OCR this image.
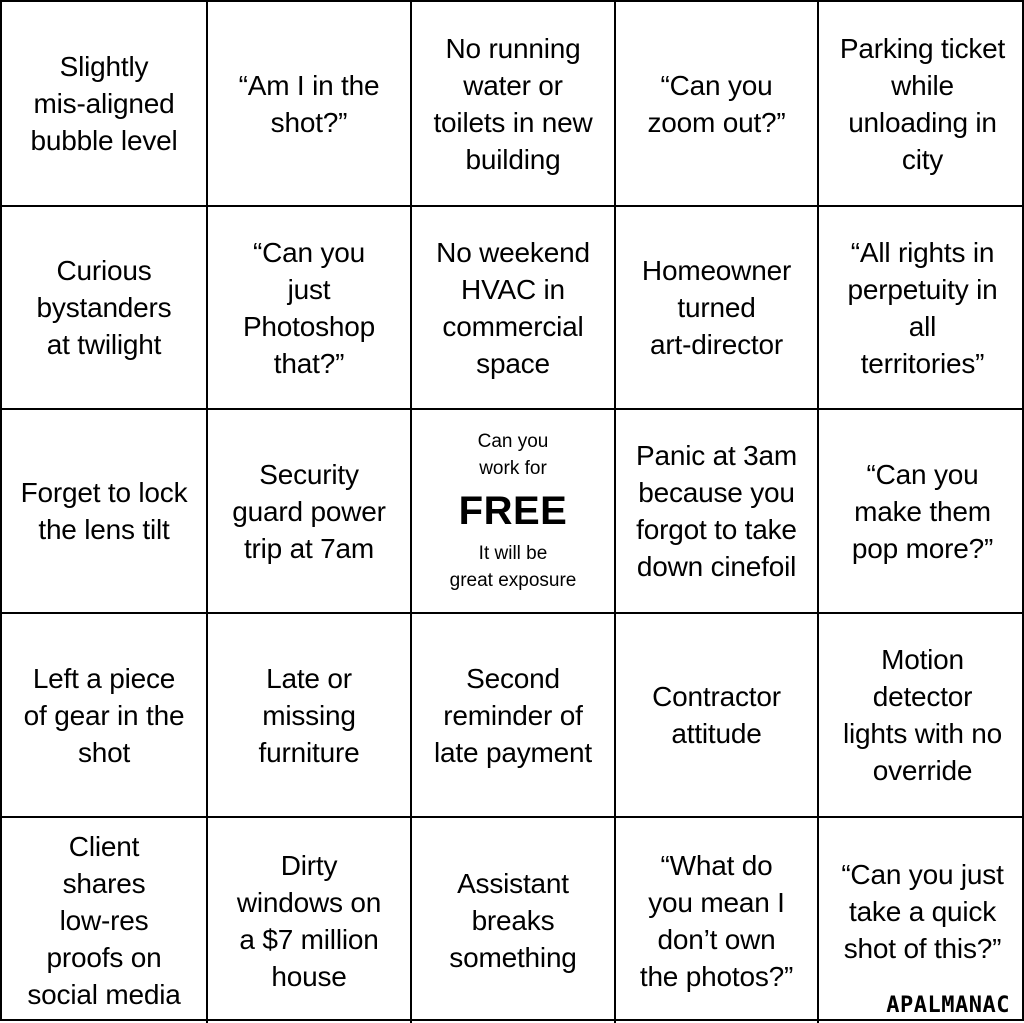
Slightly
mis-aligned
bubble level
“Am I in the
shot?”
No running
water or
toilets in new
building
“Can you
zoom out?”
Parking ticket
while
unloading in
city
Curious
bystanders
at twilight
“Can you
just
Photoshop
that?”
No weekend
HVAC in
commercial
space
Homeowner
turned
art-director
“All rights in
perpetuity in
all
territories”
Forget to lock
the lens tilt
Security
guard power
trip at 7am
Can you
work for
FREE
It will be
great exposure
Panic at 3am
because you
forgot to take
down cinefoil
“Can you
make them
pop more?”
Left a piece
of gear in the
shot
Late or
missing
furniture
Second
reminder of
late payment
Contractor
attitude
Motion
detector
lights with no
override
Client
shares
low-res
proofs on
social media
Dirty
windows on
a $7 million
house
Assistant
breaks
something
“What do
you mean I
don’t own
the photos?”
“Can you just
take a quick
shot of this?”
APALMANAC
